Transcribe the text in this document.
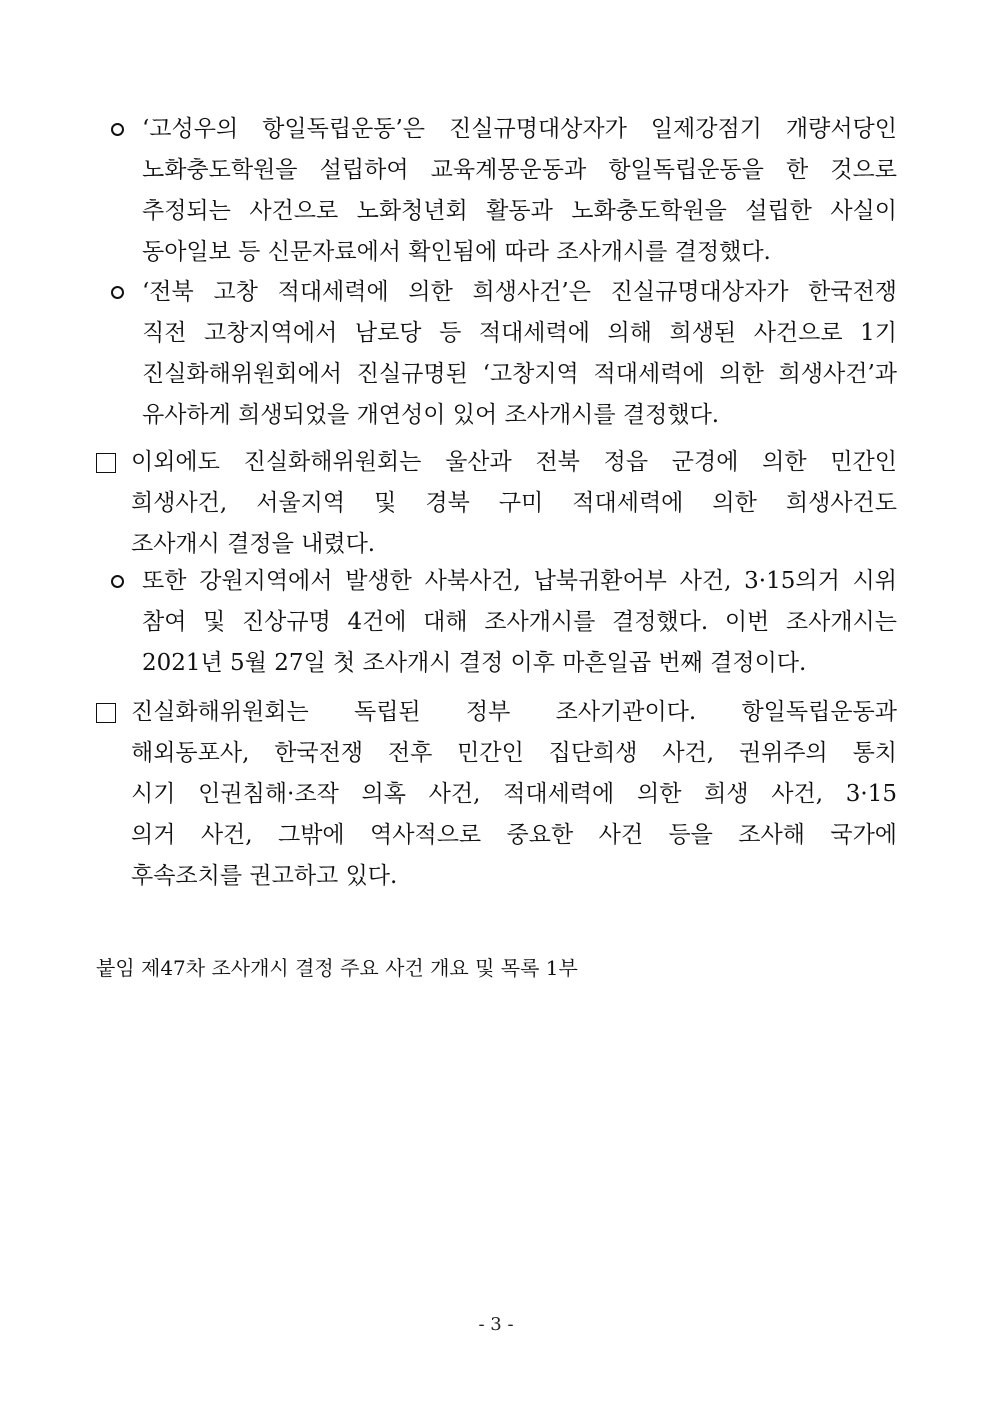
‘고성우의 항일독립운동’은 진실규명대상자가 일제강점기 개량서당인
노화충도학원을 설립하여 교육계몽운동과 항일독립운동을 한 것으로
추정되는 사건으로 노화청년회 활동과 노화충도학원을 설립한 사실이
동아일보 등 신문자료에서 확인됨에 따라 조사개시를 결정했다.
‘전북 고창 적대세력에 의한 희생사건’은 진실규명대상자가 한국전쟁
직전 고창지역에서 남로당 등 적대세력에 의해 희생된 사건으로 1기
진실화해위원회에서 진실규명된 ‘고창지역 적대세력에 의한 희생사건’과
유사하게 희생되었을 개연성이 있어 조사개시를 결정했다.
이외에도 진실화해위원회는 울산과 전북 정읍 군경에 의한 민간인
희생사건, 서울지역 및 경북 구미 적대세력에 의한 희생사건도
조사개시 결정을 내렸다.
또한 강원지역에서 발생한 사북사건, 납북귀환어부 사건, 3·15의거 시위
참여 및 진상규명 4건에 대해 조사개시를 결정했다. 이번 조사개시는
2021년 5월 27일 첫 조사개시 결정 이후 마흔일곱 번째 결정이다.
진실화해위원회는 독립된 정부 조사기관이다. 항일독립운동과
해외동포사, 한국전쟁 전후 민간인 집단희생 사건, 권위주의 통치
시기 인권침해·조작 의혹 사건, 적대세력에 의한 희생 사건, 3·15
의거 사건, 그밖에 역사적으로 중요한 사건 등을 조사해 국가에
후속조치를 권고하고 있다.
붙임 제47차 조사개시 결정 주요 사건 개요 및 목록 1부
- 3 -
